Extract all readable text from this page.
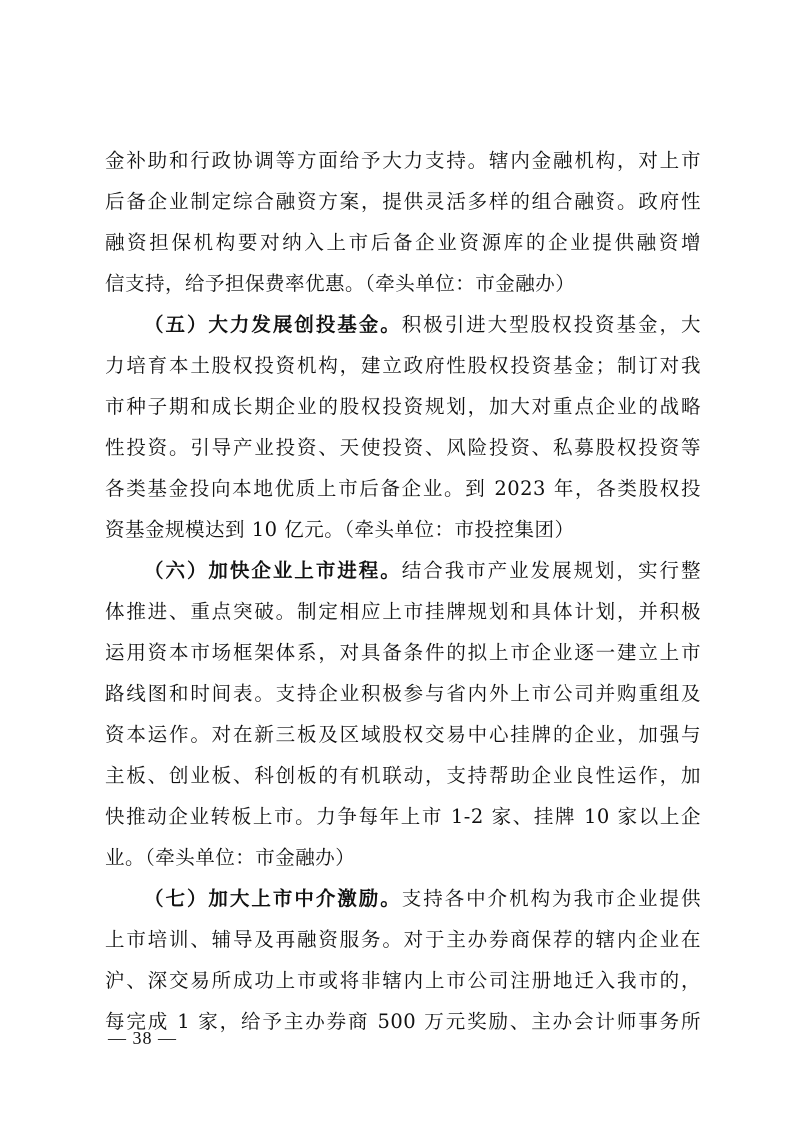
金补助和行政协调等方面给予大力支持。辖内金融机构，对上市
后备企业制定综合融资方案，提供灵活多样的组合融资。政府性
融资担保机构要对纳入上市后备企业资源库的企业提供融资增
信支持，给予担保费率优惠。（牵头单位：市金融办）
（五）大力发展创投基金。积极引进大型股权投资基金，大
力培育本土股权投资机构，建立政府性股权投资基金；制订对我
市种子期和成长期企业的股权投资规划，加大对重点企业的战略
性投资。引导产业投资、天使投资、风险投资、私募股权投资等
各类基金投向本地优质上市后备企业。到 2023 年，各类股权投
资基金规模达到 10 亿元。（牵头单位：市投控集团）
（六）加快企业上市进程。结合我市产业发展规划，实行整
体推进、重点突破。制定相应上市挂牌规划和具体计划，并积极
运用资本市场框架体系，对具备条件的拟上市企业逐一建立上市
路线图和时间表。支持企业积极参与省内外上市公司并购重组及
资本运作。对在新三板及区域股权交易中心挂牌的企业，加强与
主板、创业板、科创板的有机联动，支持帮助企业良性运作，加
快推动企业转板上市。力争每年上市 1-2 家、挂牌 10 家以上企
业。（牵头单位：市金融办）
（七）加大上市中介激励。支持各中介机构为我市企业提供
上市培训、辅导及再融资服务。对于主办券商保荐的辖内企业在
沪、深交易所成功上市或将非辖内上市公司注册地迁入我市的，
每完成 1 家，给予主办券商 500 万元奖励、主办会计师事务所
— 38 —
